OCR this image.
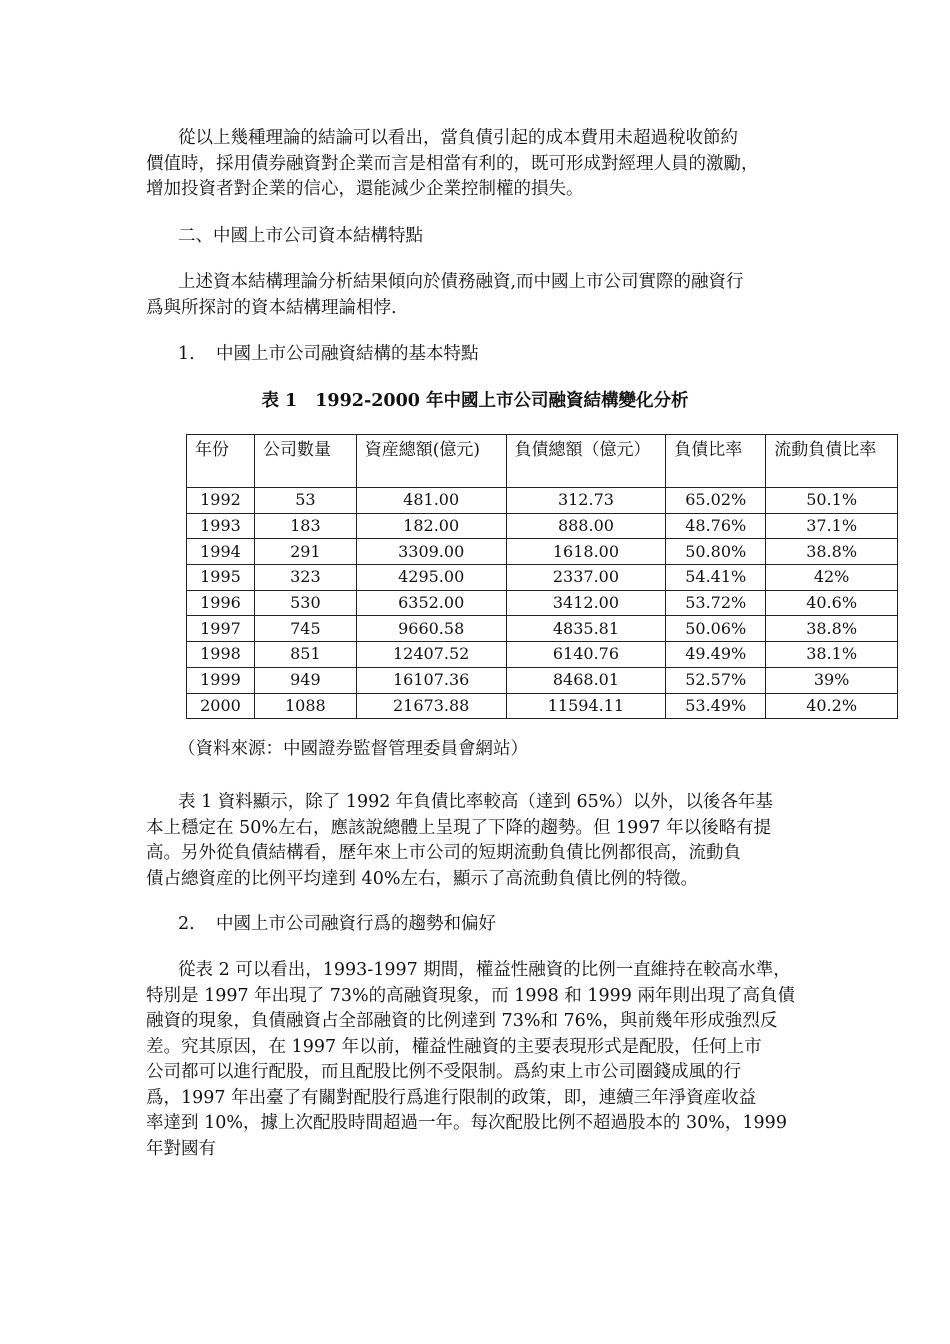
從以上幾種理論的結論可以看出，當負債引起的成本費用未超過稅收節約
價值時，採用債券融資對企業而言是相當有利的，既可形成對經理人員的激勵，
增加投資者對企業的信心，還能減少企業控制權的損失。
二、中國上市公司資本結構特點
上述資本結構理論分析結果傾向於債務融資,而中國上市公司實際的融資行
爲與所探討的資本結構理論相悖.
1. 中國上市公司融資結構的基本特點
表 1 1992-2000 年中國上市公司融資結構變化分析
年份	公司數量	資産總額(億元)	負債總額（億元）	負債比率	流動負債比率
1992	53	481.00	312.73	65.02%	50.1%
1993	183	182.00	888.00	48.76%	37.1%
1994	291	3309.00	1618.00	50.80%	38.8%
1995	323	4295.00	2337.00	54.41%	42%
1996	530	6352.00	3412.00	53.72%	40.6%
1997	745	9660.58	4835.81	50.06%	38.8%
1998	851	12407.52	6140.76	49.49%	38.1%
1999	949	16107.36	8468.01	52.57%	39%
2000	1088	21673.88	11594.11	53.49%	40.2%
（資料來源：中國證券監督管理委員會網站）
表 1 資料顯示，除了 1992 年負債比率較高（達到 65%）以外，以後各年基
本上穩定在 50%左右，應該說總體上呈現了下降的趨勢。但 1997 年以後略有提
高。另外從負債結構看，歷年來上市公司的短期流動負債比例都很高，流動負
債占總資産的比例平均達到 40%左右，顯示了高流動負債比例的特徵。
2. 中國上市公司融資行爲的趨勢和偏好
從表 2 可以看出，1993-1997 期間，權益性融資的比例一直維持在較高水準，
特別是 1997 年出現了 73%的高融資現象，而 1998 和 1999 兩年則出現了高負債
融資的現象，負債融資占全部融資的比例達到 73%和 76%，與前幾年形成強烈反
差。究其原因，在 1997 年以前，權益性融資的主要表現形式是配股，任何上市
公司都可以進行配股，而且配股比例不受限制。爲約束上市公司圈錢成風的行
爲，1997 年出臺了有關對配股行爲進行限制的政策，即，連續三年淨資産收益
率達到 10%，據上次配股時間超過一年。每次配股比例不超過股本的 30%，1999
年對國有
